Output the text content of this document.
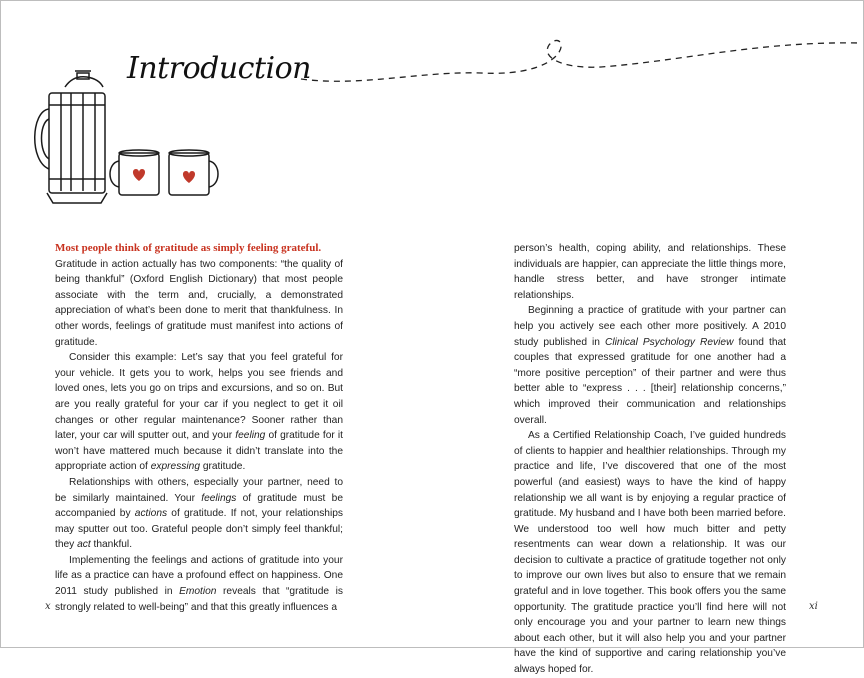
Introduction

Most people think of gratitude as simply feeling grateful.
Gratitude in action actually has two components: “the quality of being thankful” (Oxford English Dictionary) that most people associate with the term and, crucially, a demonstrated appreciation of what’s been done to merit that thankfulness. In other words, feelings of gratitude must manifest into actions of gratitude.

Consider this example: Let’s say that you feel grateful for your vehicle. It gets you to work, helps you see friends and loved ones, lets you go on trips and excursions, and so on. But are you really grateful for your car if you neglect to get it oil changes or other regular maintenance? Sooner rather than later, your car will sputter out, and your feeling of gratitude for it won’t have mattered much because it didn’t translate into the appropriate action of expressing gratitude.

Relationships with others, especially your partner, need to be similarly maintained. Your feelings of gratitude must be accompanied by actions of gratitude. If not, your relationships may sputter out too. Grateful people don’t simply feel thankful; they act thankful.

Implementing the feelings and actions of gratitude into your life as a practice can have a profound effect on happiness. One 2011 study published in Emotion reveals that “gratitude is strongly related to well-being” and that this greatly influences a

person’s health, coping ability, and relationships. These individuals are happier, can appreciate the little things more, handle stress better, and have stronger intimate relationships.

Beginning a practice of gratitude with your partner can help you actively see each other more positively. A 2010 study published in Clinical Psychology Review found that couples that expressed gratitude for one another had a “more positive perception” of their partner and were thus better able to “express . . . [their] relationship concerns,” which improved their communication and relationships overall.

As a Certified Relationship Coach, I’ve guided hundreds of clients to happier and healthier relationships. Through my practice and life, I’ve discovered that one of the most powerful (and easiest) ways to have the kind of happy relationship we all want is by enjoying a regular practice of gratitude. My husband and I have both been married before. We understood too well how much bitter and petty resentments can wear down a relationship. It was our decision to cultivate a practice of gratitude together not only to improve our own lives but also to ensure that we remain grateful and in love together. This book offers you the same opportunity. The gratitude practice you’ll find here will not only encourage you and your partner to learn new things about each other, but it will also help you and your partner have the kind of supportive and caring relationship you’ve always hoped for.

x	xi
